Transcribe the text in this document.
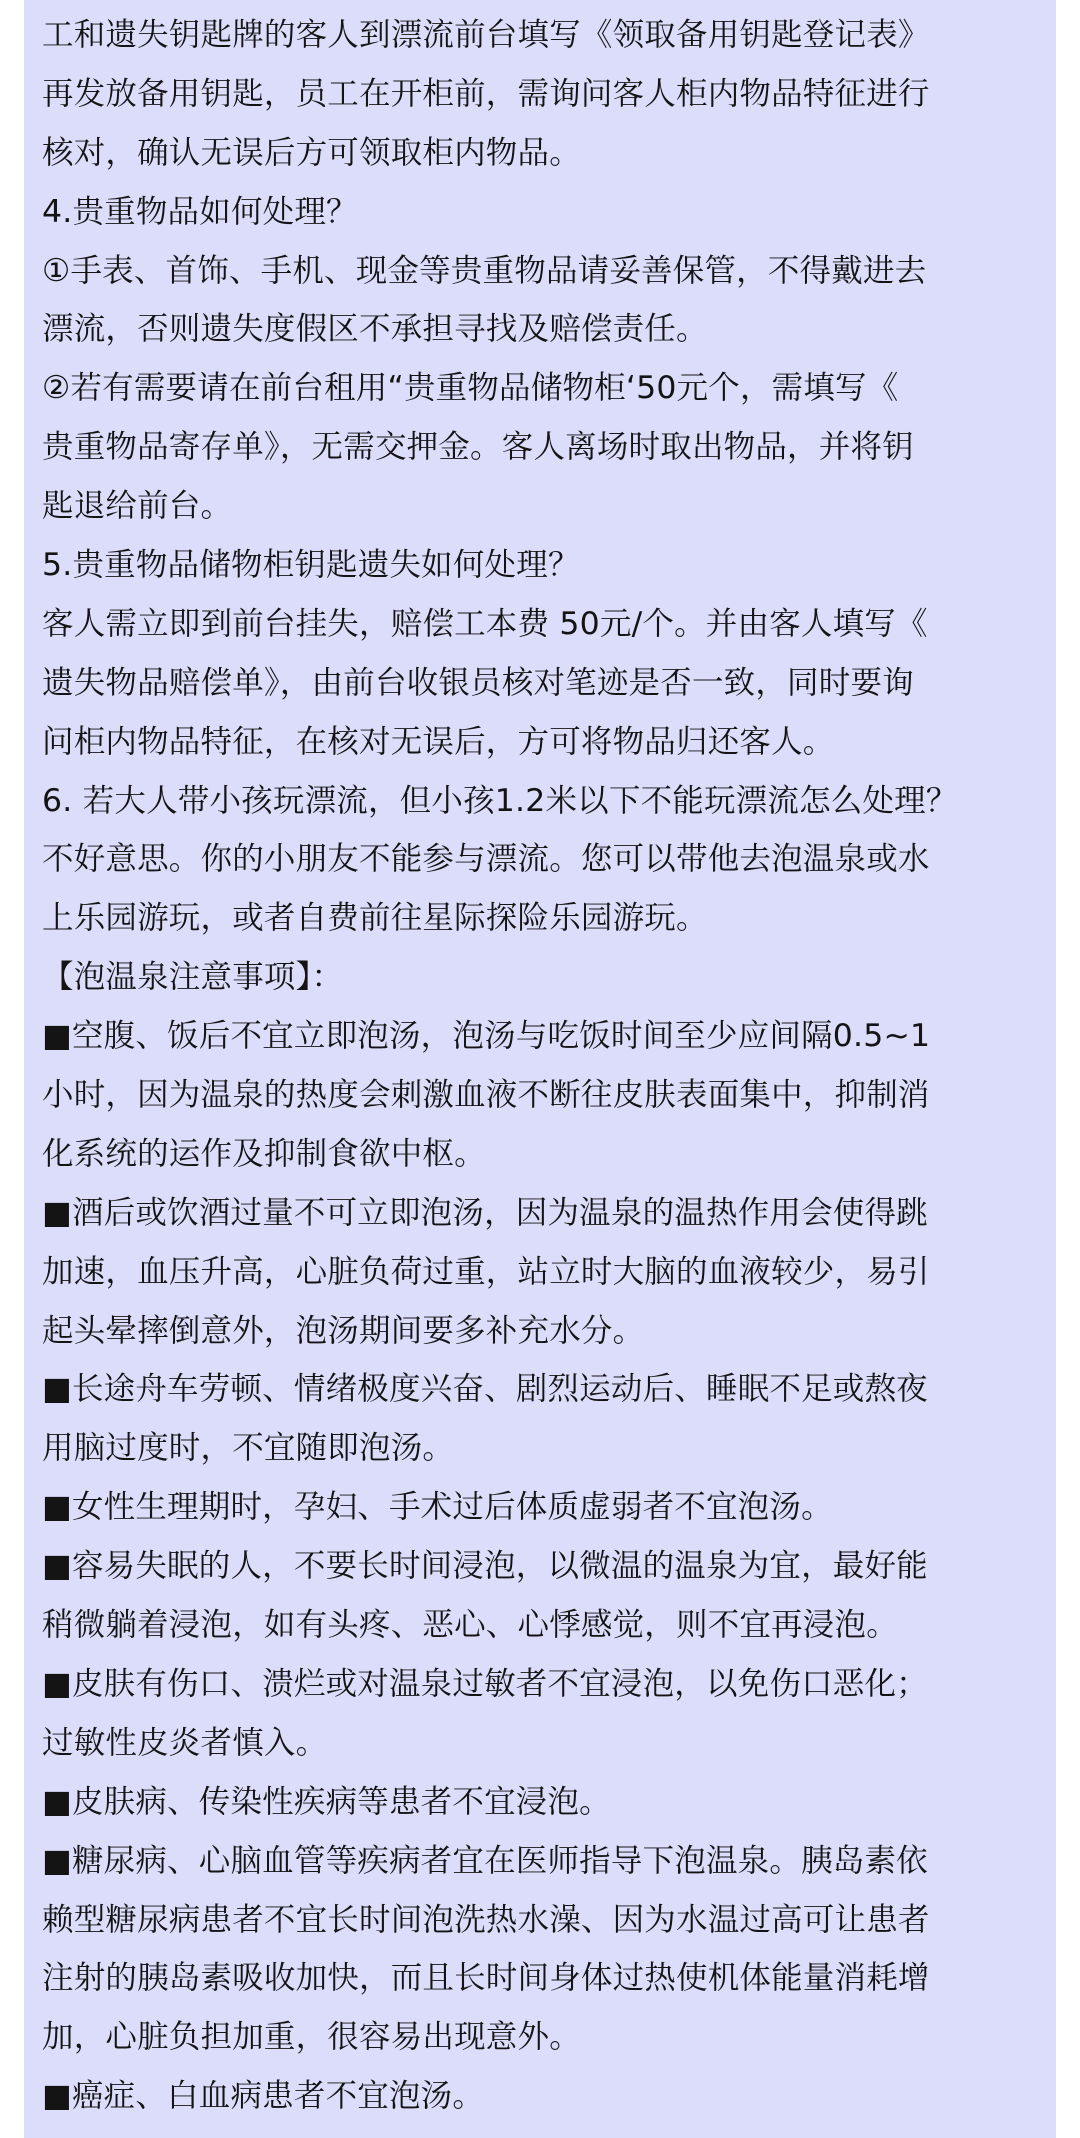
工和遗失钥匙牌的客人到漂流前台填写《领取备用钥匙登记表》
再发放备用钥匙，员工在开柜前，需询问客人柜内物品特征进行
核对，确认无误后方可领取柜内物品。
4.贵重物品如何处理？
①手表、首饰、手机、现金等贵重物品请妥善保管，不得戴进去
漂流，否则遗失度假区不承担寻找及赔偿责任。
②若有需要请在前台租用“贵重物品储物柜‘50元个，需填写《
贵重物品寄存单》，无需交押金。客人离场时取出物品，并将钥
匙退给前台。
5.贵重物品储物柜钥匙遗失如何处理？
客人需立即到前台挂失，赔偿工本费 50元/个。并由客人填写《
遗失物品赔偿单》，由前台收银员核对笔迹是否一致，同时要询
问柜内物品特征，在核对无误后，方可将物品归还客人。
6. 若大人带小孩玩漂流，但小孩1.2米以下不能玩漂流怎么处理？
不好意思。你的小朋友不能参与漂流。您可以带他去泡温泉或水
上乐园游玩，或者自费前往星际探险乐园游玩。
【泡温泉注意事项】：
■空腹、饭后不宜立即泡汤，泡汤与吃饭时间至少应间隔0.5~1
小时，因为温泉的热度会刺激血液不断往皮肤表面集中，抑制消
化系统的运作及抑制食欲中枢。
■酒后或饮酒过量不可立即泡汤，因为温泉的温热作用会使得跳
加速，血压升高，心脏负荷过重，站立时大脑的血液较少，易引
起头晕摔倒意外，泡汤期间要多补充水分。
■长途舟车劳顿、情绪极度兴奋、剧烈运动后、睡眠不足或熬夜
用脑过度时，不宜随即泡汤。
■女性生理期时，孕妇、手术过后体质虚弱者不宜泡汤。
■容易失眠的人，不要长时间浸泡，以微温的温泉为宜，最好能
稍微躺着浸泡，如有头疼、恶心、心悸感觉，则不宜再浸泡。
■皮肤有伤口、溃烂或对温泉过敏者不宜浸泡，以免伤口恶化；
过敏性皮炎者慎入。
■皮肤病、传染性疾病等患者不宜浸泡。
■糖尿病、心脑血管等疾病者宜在医师指导下泡温泉。胰岛素依
赖型糖尿病患者不宜长时间泡洗热水澡、因为水温过高可让患者
注射的胰岛素吸收加快，而且长时间身体过热使机体能量消耗增
加，心脏负担加重，很容易出现意外。
■癌症、白血病患者不宜泡汤。
